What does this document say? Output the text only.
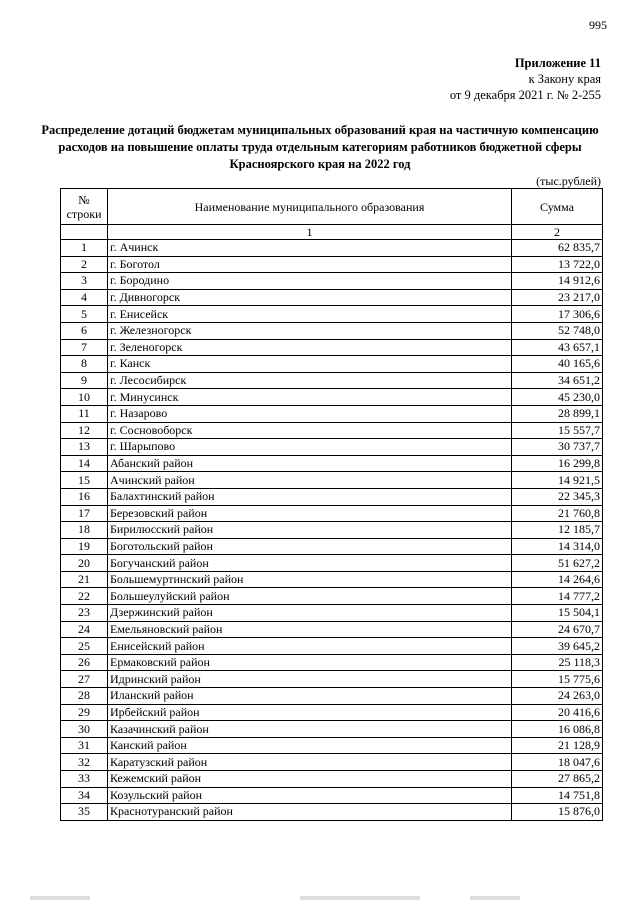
995
Приложение 11
к Закону края
от 9 декабря 2021 г. № 2-255
Распределение дотаций бюджетам муниципальных образований края на частичную компенсацию расходов на повышение оплаты труда отдельным категориям работников бюджетной сферы Красноярского края на 2022 год
(тыс.рублей)
№ строки	Наименование муниципального образования	Сумма
	1	2
1	г. Ачинск	62 835,7
2	г. Боготол	13 722,0
3	г. Бородино	14 912,6
4	г. Дивногорск	23 217,0
5	г. Енисейск	17 306,6
6	г. Железногорск	52 748,0
7	г. Зеленогорск	43 657,1
8	г. Канск	40 165,6
9	г. Лесосибирск	34 651,2
10	г. Минусинск	45 230,0
11	г. Назарово	28 899,1
12	г. Сосновоборск	15 557,7
13	г. Шарыпово	30 737,7
14	Абанский район	16 299,8
15	Ачинский район	14 921,5
16	Балахтинский район	22 345,3
17	Березовский район	21 760,8
18	Бирилюсский район	12 185,7
19	Боготольский район	14 314,0
20	Богучанский район	51 627,2
21	Большемуртинский район	14 264,6
22	Большеулуйский район	14 777,2
23	Дзержинский район	15 504,1
24	Емельяновский район	24 670,7
25	Енисейский район	39 645,2
26	Ермаковский район	25 118,3
27	Идринский район	15 775,6
28	Иланский район	24 263,0
29	Ирбейский район	20 416,6
30	Казачинский район	16 086,8
31	Канский район	21 128,9
32	Каратузский район	18 047,6
33	Кежемский район	27 865,2
34	Козульский район	14 751,8
35	Краснотуранский район	15 876,0
